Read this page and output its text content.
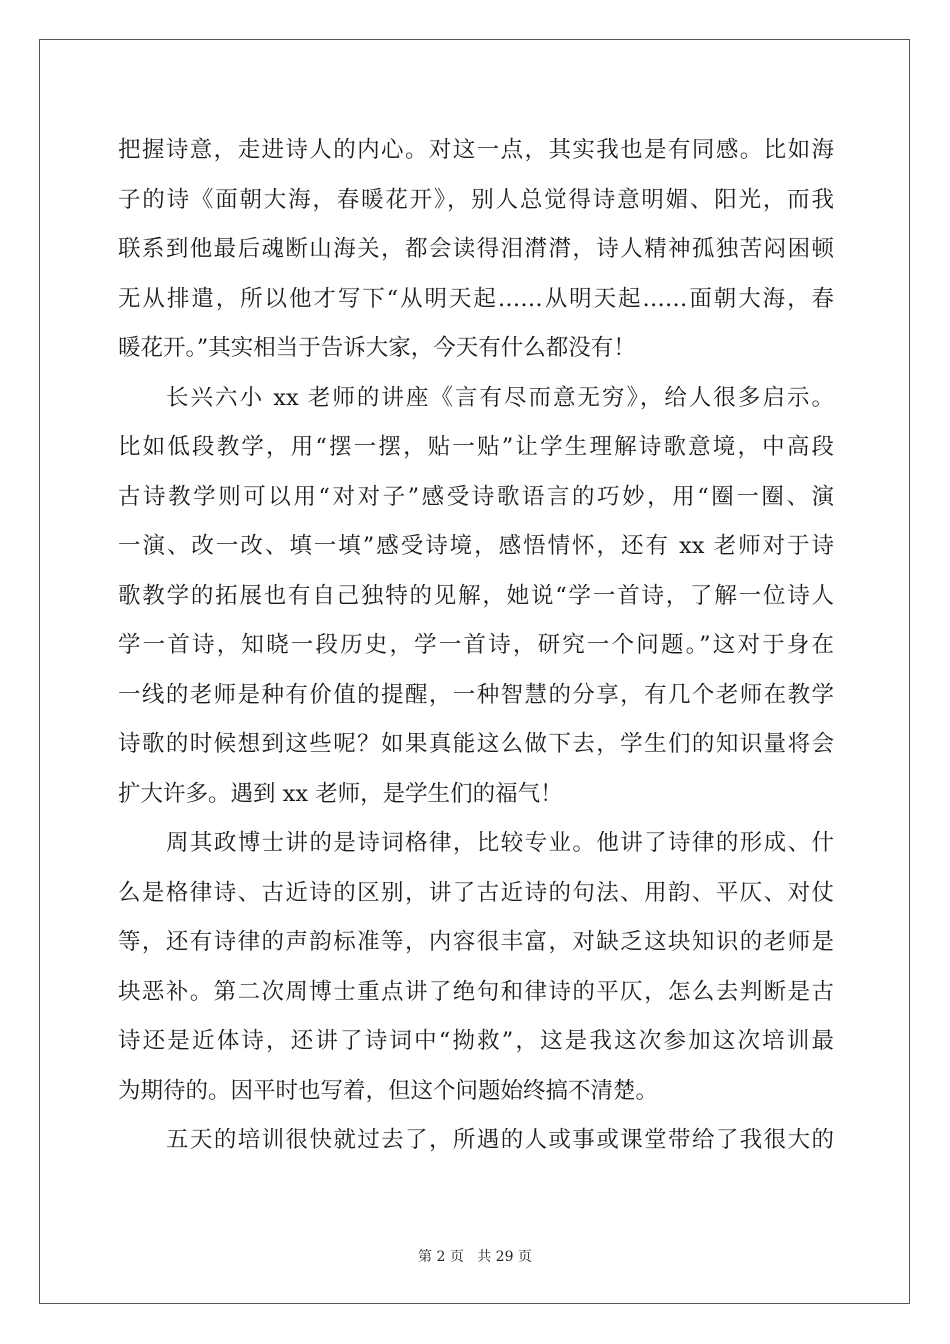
把握诗意，走进诗人的内心。对这一点，其实我也是有同感。比如海
子的诗《面朝大海，春暖花开》，别人总觉得诗意明媚、阳光，而我
联系到他最后魂断山海关，都会读得泪潸潸，诗人精神孤独苦闷困顿
无从排遣，所以他才写下“从明天起……从明天起……面朝大海，春
暖花开。”其实相当于告诉大家，今天有什么都没有！
长兴六小 xx 老师的讲座《言有尽而意无穷》，给人很多启示。
比如低段教学，用“摆一摆，贴一贴”让学生理解诗歌意境，中高段
古诗教学则可以用“对对子”感受诗歌语言的巧妙，用“圈一圈、演
一演、改一改、填一填”感受诗境，感悟情怀，还有 xx 老师对于诗
歌教学的拓展也有自己独特的见解，她说“学一首诗，了解一位诗人
学一首诗，知晓一段历史，学一首诗，研究一个问题。”这对于身在
一线的老师是种有价值的提醒，一种智慧的分享，有几个老师在教学
诗歌的时候想到这些呢？如果真能这么做下去，学生们的知识量将会
扩大许多。遇到 xx 老师，是学生们的福气！
周其政博士讲的是诗词格律，比较专业。他讲了诗律的形成、什
么是格律诗、古近诗的区别，讲了古近诗的句法、用韵、平仄、对仗
等，还有诗律的声韵标准等，内容很丰富，对缺乏这块知识的老师是
块恶补。第二次周博士重点讲了绝句和律诗的平仄，怎么去判断是古
诗还是近体诗，还讲了诗词中“拗救”，这是我这次参加这次培训最
为期待的。因平时也写着，但这个问题始终搞不清楚。
五天的培训很快就过去了，所遇的人或事或课堂带给了我很大的
第 2 页 共 29 页
